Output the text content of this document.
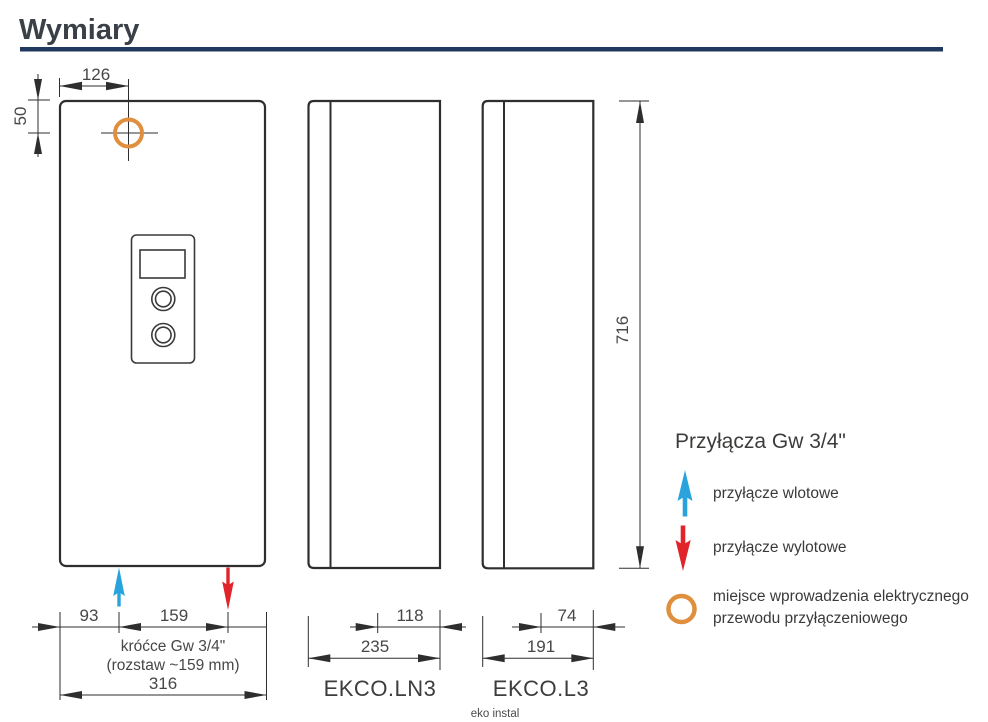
Wymiary
126
50
93	159
króćce Gw 3/4"
(rozstaw ~159 mm)
316
118
235
EKCO.LN3
74
191
EKCO.L3
716
Przyłącza Gw 3/4"
przyłącze wlotowe
przyłącze wylotowe
miejsce wprowadzenia elektrycznego
przewodu przyłączeniowego
eko instal
